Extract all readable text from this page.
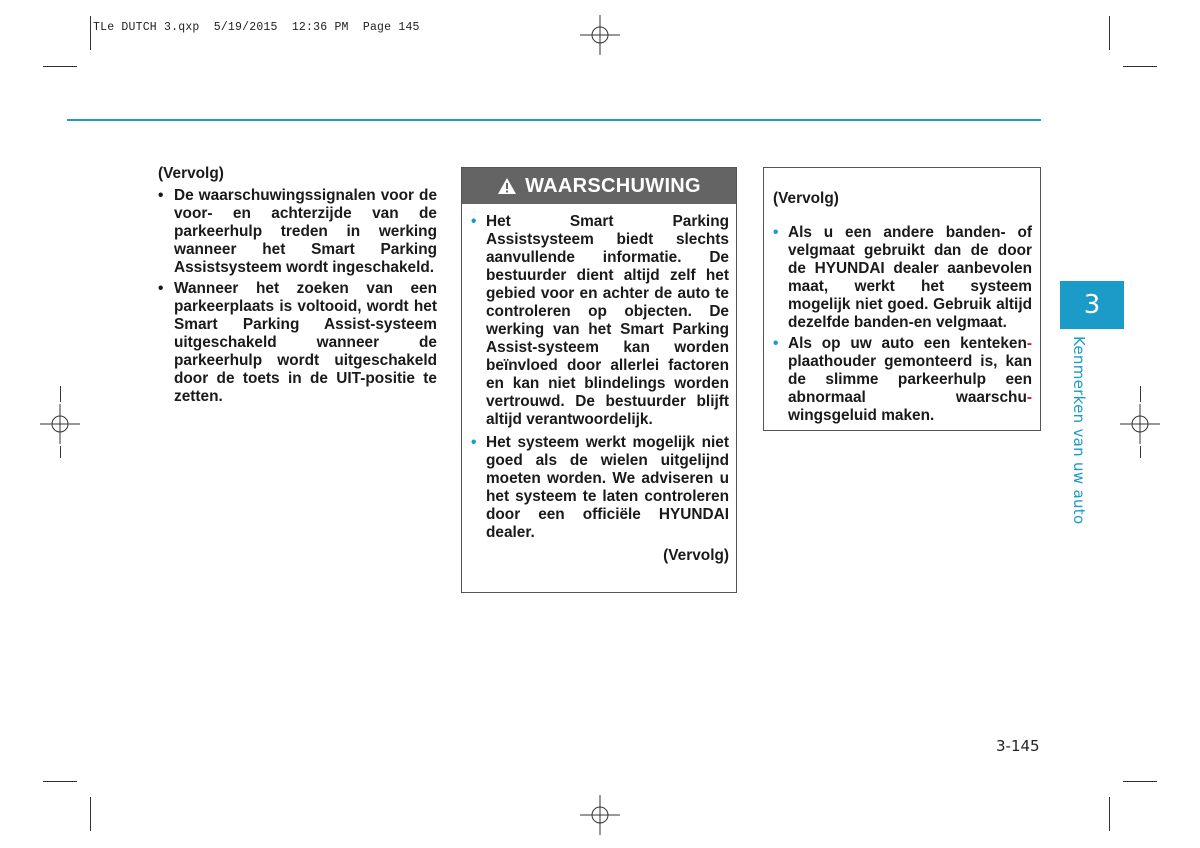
TLe DUTCH 3.qxp  5/19/2015  12:36 PM  Page 145

(Vervolg)

• De waarschuwingssignalen voor de voor- en achterzijde van de parkeerhulp treden in werking wanneer het Smart Parking Assistsysteem wordt ingeschakeld.
• Wanneer het zoeken van een parkeerplaats is voltooid, wordt het Smart Parking Assist-systeem uitgeschakeld wanneer de parkeerhulp wordt uitgeschakeld door de toets in de UIT-positie te zetten.
WAARSCHUWING
• Het Smart Parking Assistsysteem biedt slechts aanvullende informatie. De bestuurder dient altijd zelf het gebied voor en achter de auto te controleren op objecten. De werking van het Smart Parking Assist-systeem kan worden beïnvloed door allerlei factoren en kan niet blindelings worden vertrouwd. De bestuurder blijft altijd verantwoordelijk.
• Het systeem werkt mogelijk niet goed als de wielen uitgelijnd moeten worden. We adviseren u het systeem te laten controleren door een officiële HYUNDAI dealer.

(Vervolg)

(Vervolg)

• Als u een andere banden- of velgmaat gebruikt dan de door de HYUNDAI dealer aanbevolen maat, werkt het systeem mogelijk niet goed. Gebruik altijd dezelfde banden-en velgmaat.
• Als op uw auto een kenteken- plaathouder gemonteerd is, kan de slimme parkeerhulp een abnormaal waarschu- wingsgeluid maken.
3
Kenmerken van uw auto
3-145
